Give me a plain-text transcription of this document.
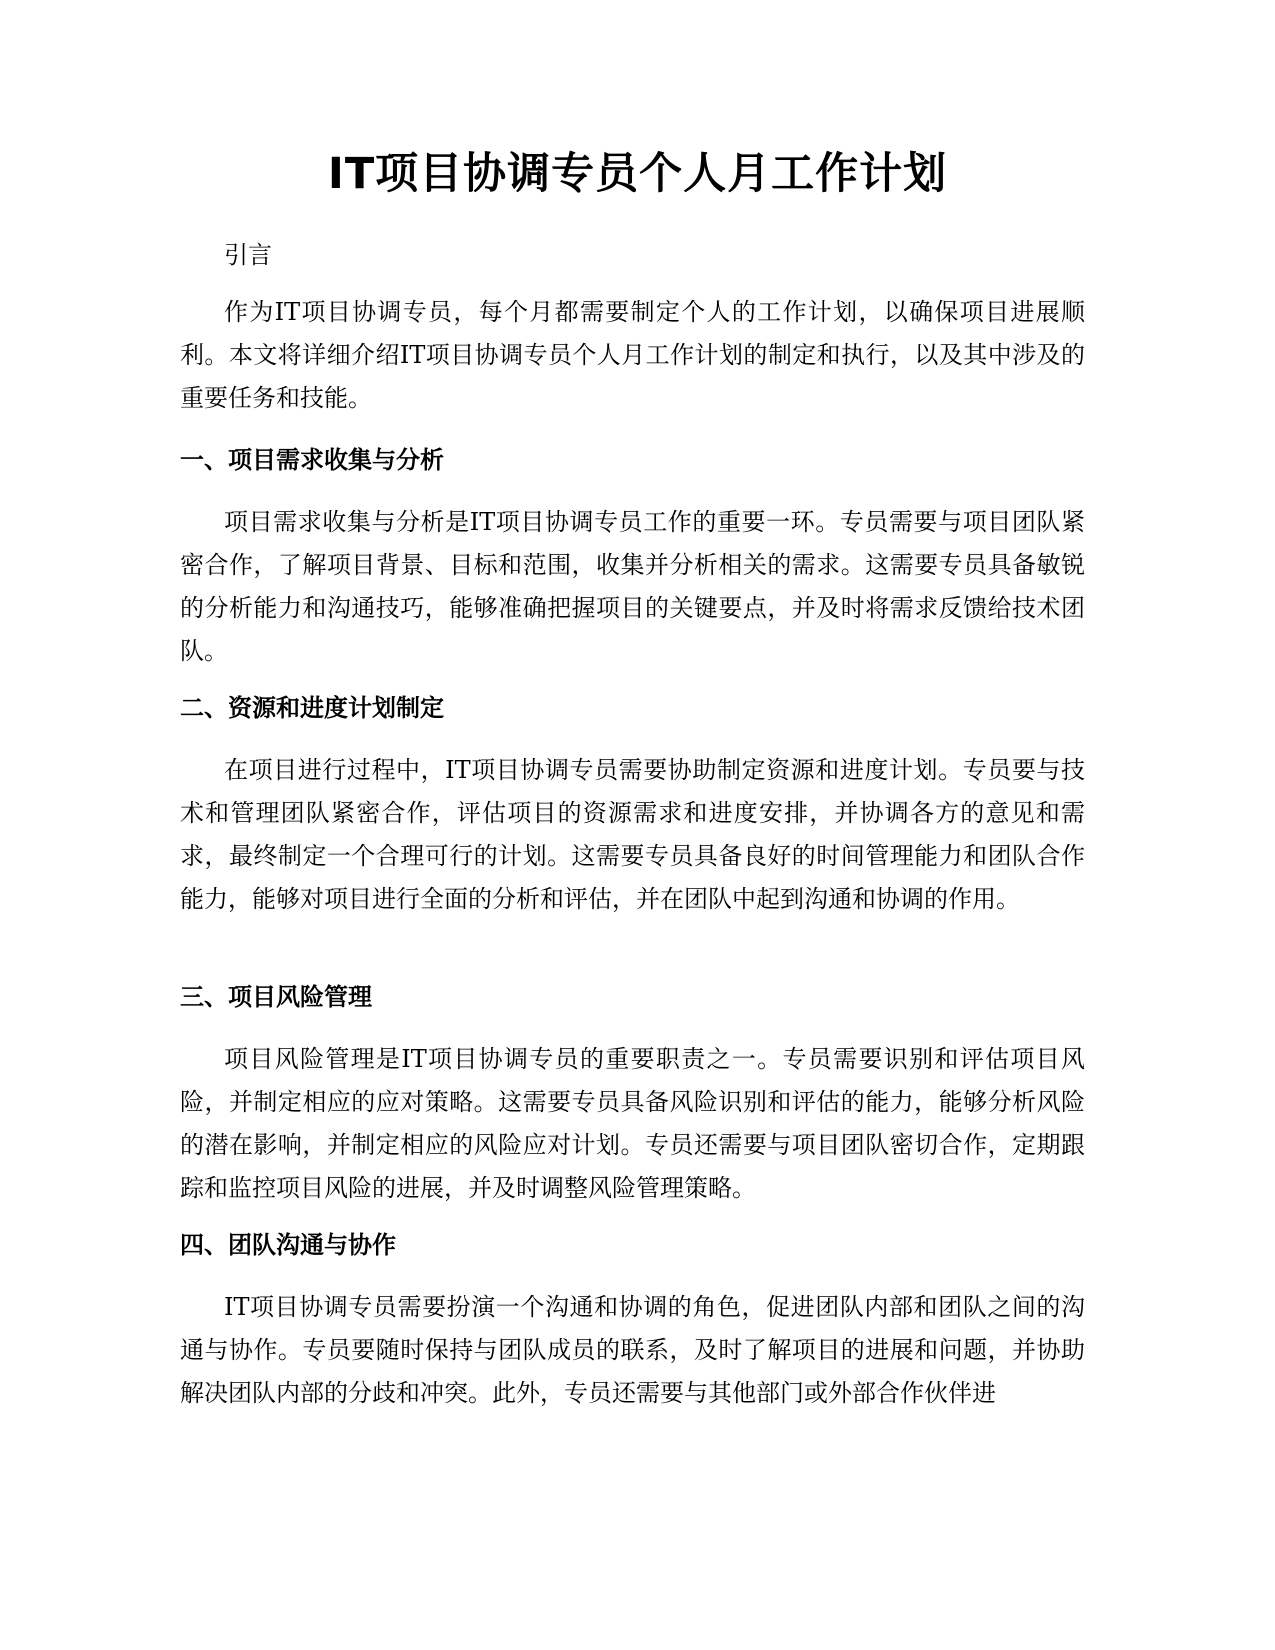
IT项目协调专员个人月工作计划

引言

作为IT项目协调专员，每个月都需要制定个人的工作计划，以确保项目进展顺利。本文将详细介绍IT项目协调专员个人月工作计划的制定和执行，以及其中涉及的重要任务和技能。

一、项目需求收集与分析

项目需求收集与分析是IT项目协调专员工作的重要一环。专员需要与项目团队紧密合作，了解项目背景、目标和范围，收集并分析相关的需求。这需要专员具备敏锐的分析能力和沟通技巧，能够准确把握项目的关键要点，并及时将需求反馈给技术团队。

二、资源和进度计划制定

在项目进行过程中，IT项目协调专员需要协助制定资源和进度计划。专员要与技术和管理团队紧密合作，评估项目的资源需求和进度安排，并协调各方的意见和需求，最终制定一个合理可行的计划。这需要专员具备良好的时间管理能力和团队合作能力，能够对项目进行全面的分析和评估，并在团队中起到沟通和协调的作用。

三、项目风险管理

项目风险管理是IT项目协调专员的重要职责之一。专员需要识别和评估项目风险，并制定相应的应对策略。这需要专员具备风险识别和评估的能力，能够分析风险的潜在影响，并制定相应的风险应对计划。专员还需要与项目团队密切合作，定期跟踪和监控项目风险的进展，并及时调整风险管理策略。

四、团队沟通与协作

IT项目协调专员需要扮演一个沟通和协调的角色，促进团队内部和团队之间的沟通与协作。专员要随时保持与团队成员的联系，及时了解项目的进展和问题，并协助解决团队内部的分歧和冲突。此外，专员还需要与其他部门或外部合作伙伴进
